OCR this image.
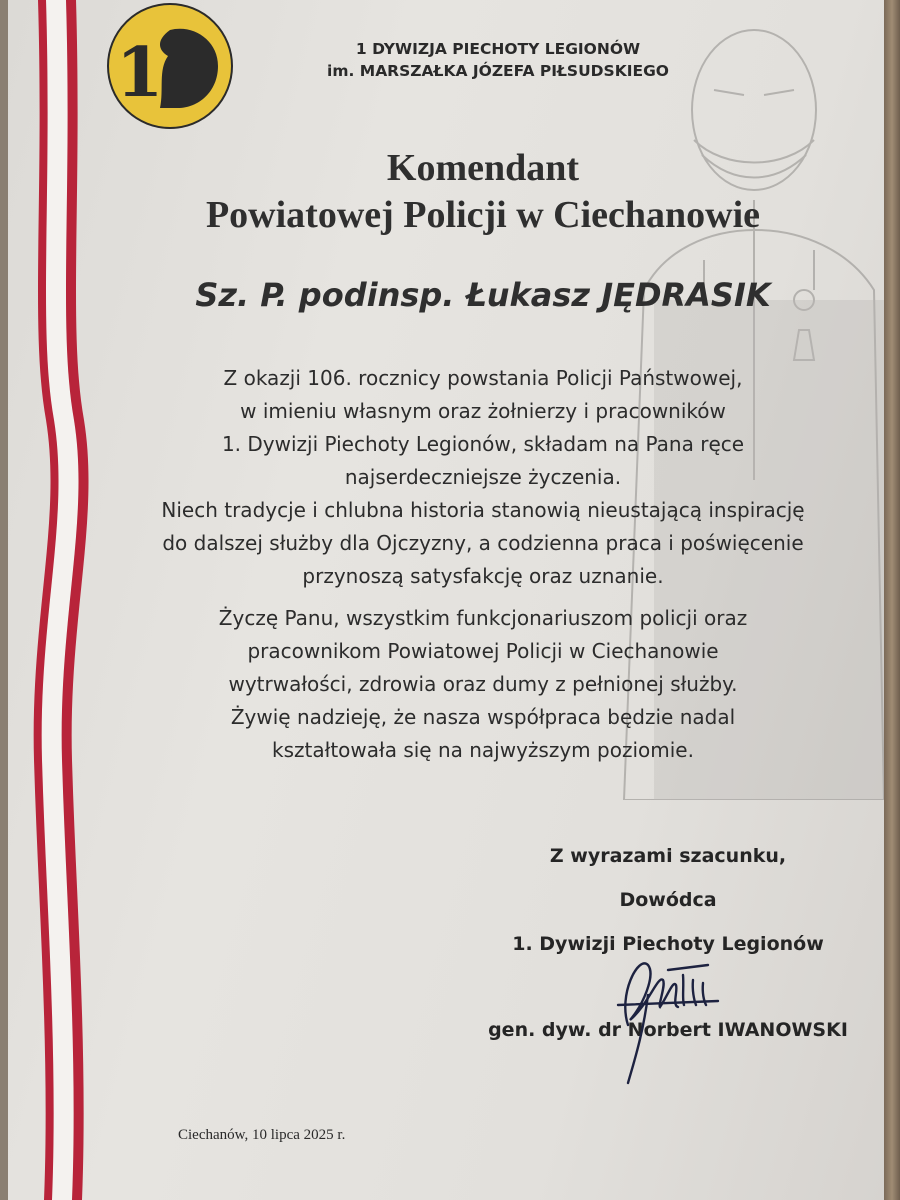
1	1 DYWIZJA PIECHOTY LEGIONÓW
im. MARSZAŁKA JÓZEFA PIŁSUDSKIEGO
Komendant
Powiatowej Policji w Ciechanowie
Sz. P. podinsp. Łukasz JĘDRASIK
Z okazji 106. rocznicy powstania Policji Państwowej,
w imieniu własnym oraz żołnierzy i pracowników
1. Dywizji Piechoty Legionów, składam na Pana ręce
najserdeczniejsze życzenia.
Niech tradycje i chlubna historia stanowią nieustającą inspirację
do dalszej służby dla Ojczyzny, a codzienna praca i poświęcenie
przynoszą satysfakcję oraz uznanie.
Życzę Panu, wszystkim funkcjonariuszom policji oraz
pracownikom Powiatowej Policji w Ciechanowie
wytrwałości, zdrowia oraz dumy z pełnionej służby.
Żywię nadzieję, że nasza współpraca będzie nadal
kształtowała się na najwyższym poziomie.
Z wyrazami szacunku,
Dowódca
1. Dywizji Piechoty Legionów
gen. dyw. dr Norbert IWANOWSKI
Ciechanów, 10 lipca 2025 r.
